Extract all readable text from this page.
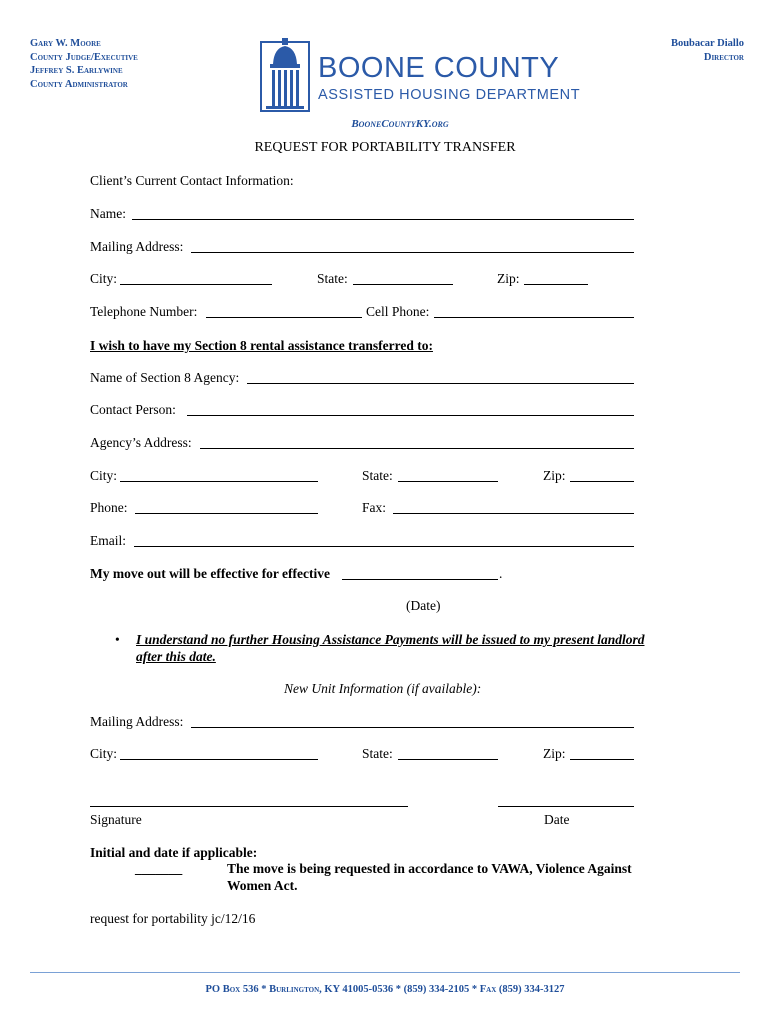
Gary W. Moore
County Judge/Executive
Jeffrey S. Earlywine
County Administrator
Boubacar Diallo
Director
BOONE COUNTY
ASSISTED HOUSING DEPARTMENT
BooneCountyKY.org
REQUEST FOR PORTABILITY TRANSFER
Client’s Current Contact Information:
Name:
Mailing Address:
City:	State:	Zip:
Telephone Number:	Cell Phone:
I wish to have my Section 8 rental assistance transferred to:
Name of Section 8 Agency:
Contact Person:
Agency’s Address:
City:	State:	Zip:
Phone:	Fax:
Email:
My move out will be effective for effective	.
(Date)
• I understand no further Housing Assistance Payments will be issued to my present landlord
after this date.
New Unit Information (if available):
Mailing Address:
City:	State:	Zip:
Signature	Date
Initial and date if applicable:
_______	The move is being requested in accordance to VAWA, Violence Against
Women Act.
request for portability jc/12/16
PO Box 536 * Burlington, KY 41005-0536 * (859) 334-2105 * Fax (859) 334-3127
